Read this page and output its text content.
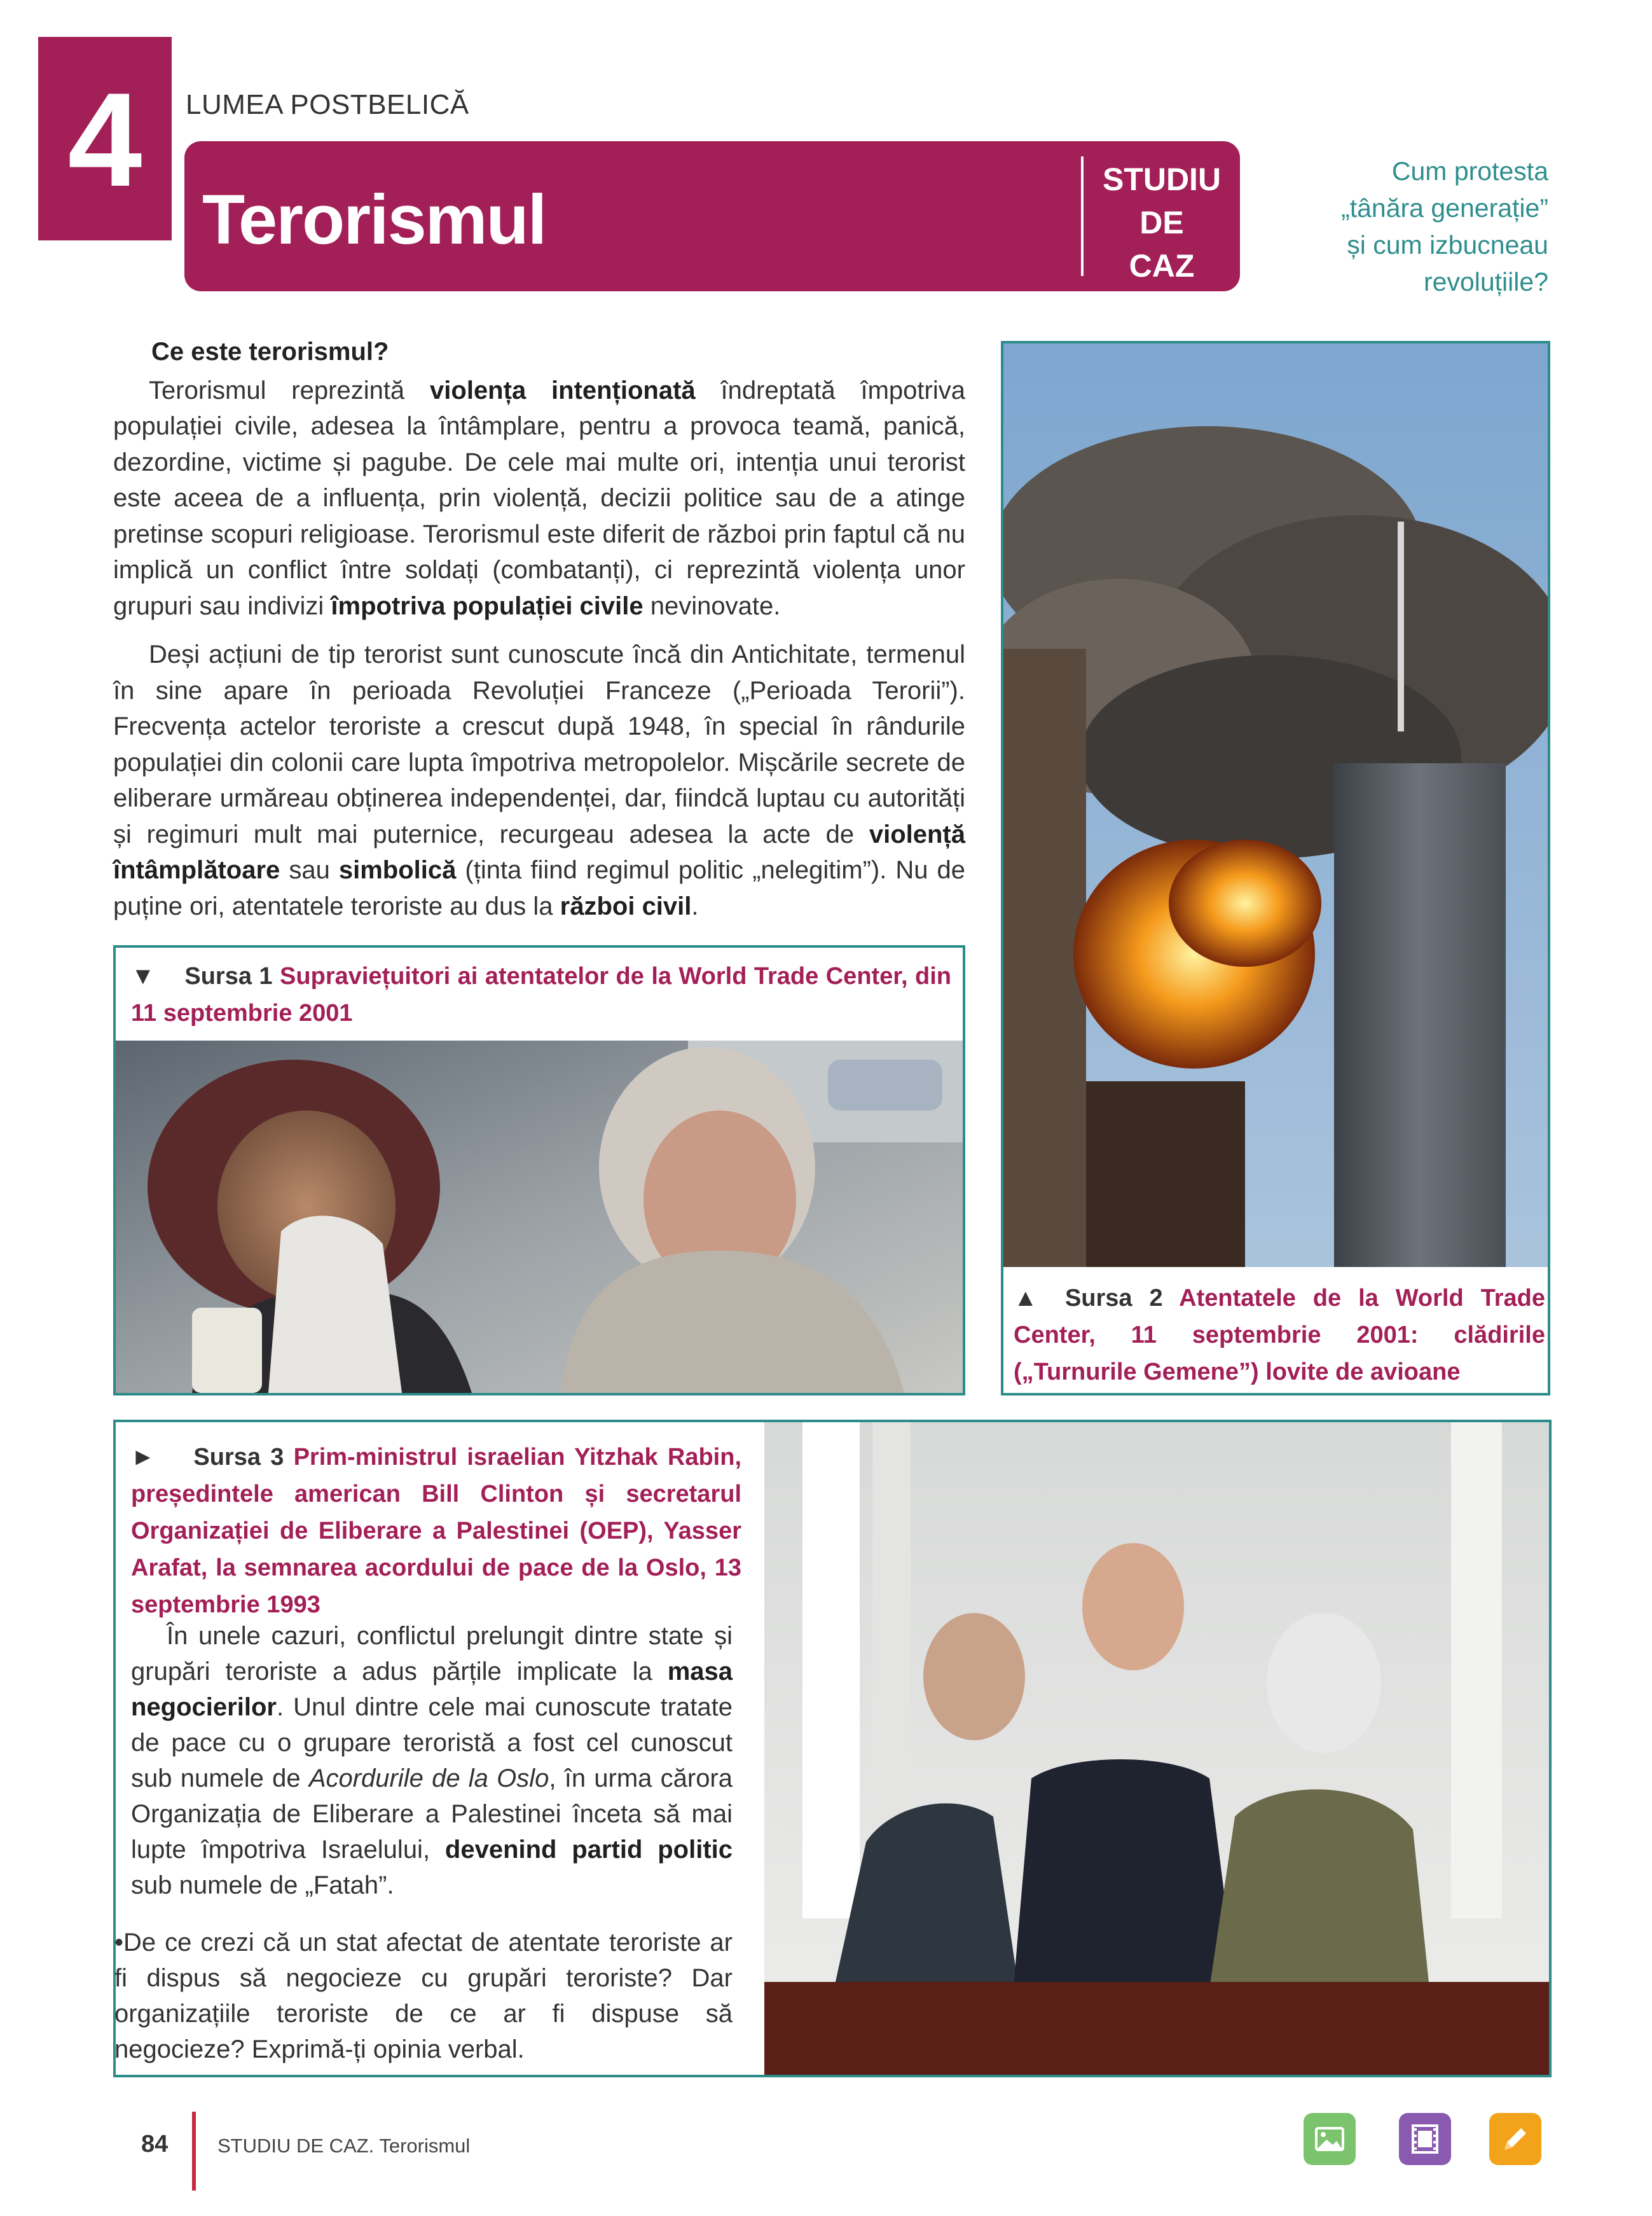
4	LUMEA POSTBELICĂ
Terorismul
STUDIU
DE
CAZ
Cum protesta
„tânăra generație”
și cum izbucneau
revoluțiile?

Ce este terorismul?

Terorismul reprezintă violența intenționată îndreptată împotriva populației civile, adesea la întâmplare, pentru a provoca teamă, panică, dezordine, victime și pagube. De cele mai multe ori, intenția unui terorist este aceea de a influența, prin violență, decizii politice sau de a atinge pretinse scopuri religioase. Terorismul este diferit de război prin faptul că nu implică un conflict între soldați (combatanți), ci reprezintă violența unor grupuri sau indivizi împotriva populației civile nevinovate.

Deși acțiuni de tip terorist sunt cunoscute încă din Antichitate, termenul în sine apare în perioada Revoluției Franceze („Perioada Terorii”). Frecvența actelor teroriste a crescut după 1948, în special în rândurile populației din colonii care lupta împotriva metropolelor. Mișcările secrete de eliberare urmăreau obținerea independenței, dar, fiindcă luptau cu autorități și regimuri mult mai puternice, recurgeau adesea la acte de violență întâmplătoare sau simbolică (ținta fiind regimul politic „nelegitim”). Nu de puține ori, atentatele teroriste au dus la război civil.

▼ Sursa 1 Supraviețuitori ai atentatelor de la World Trade Center, din 11 septembrie 2001
▲ Sursa 2 Atentatele de la World Trade Center, 11 septembrie 2001: clădirile („Turnurile Gemene”) lovite de avioane
► Sursa 3 Prim-ministrul israelian Yitzhak Rabin, președintele american Bill Clinton și secretarul Organizației de Eliberare a Palestinei (OEP), Yasser Arafat, la semnarea acordului de pace de la Oslo, 13 septembrie 1993

În unele cazuri, conflictul prelungit dintre state și grupări teroriste a adus părțile implicate la masa negocierilor. Unul dintre cele mai cunoscute tratate de pace cu o grupare teroristă a fost cel cunoscut sub numele de Acordurile de la Oslo, în urma cărora Organizația de Eliberare a Palestinei înceta să mai lupte împotriva Israelului, devenind partid politic sub numele de „Fatah”.

•De ce crezi că un stat afectat de atentate teroriste ar fi dispus să negocieze cu grupări teroriste? Dar organizațiile teroriste de ce ar fi dispuse să negocieze? Exprimă-ți opinia verbal.
84	STUDIU DE CAZ. Terorismul
